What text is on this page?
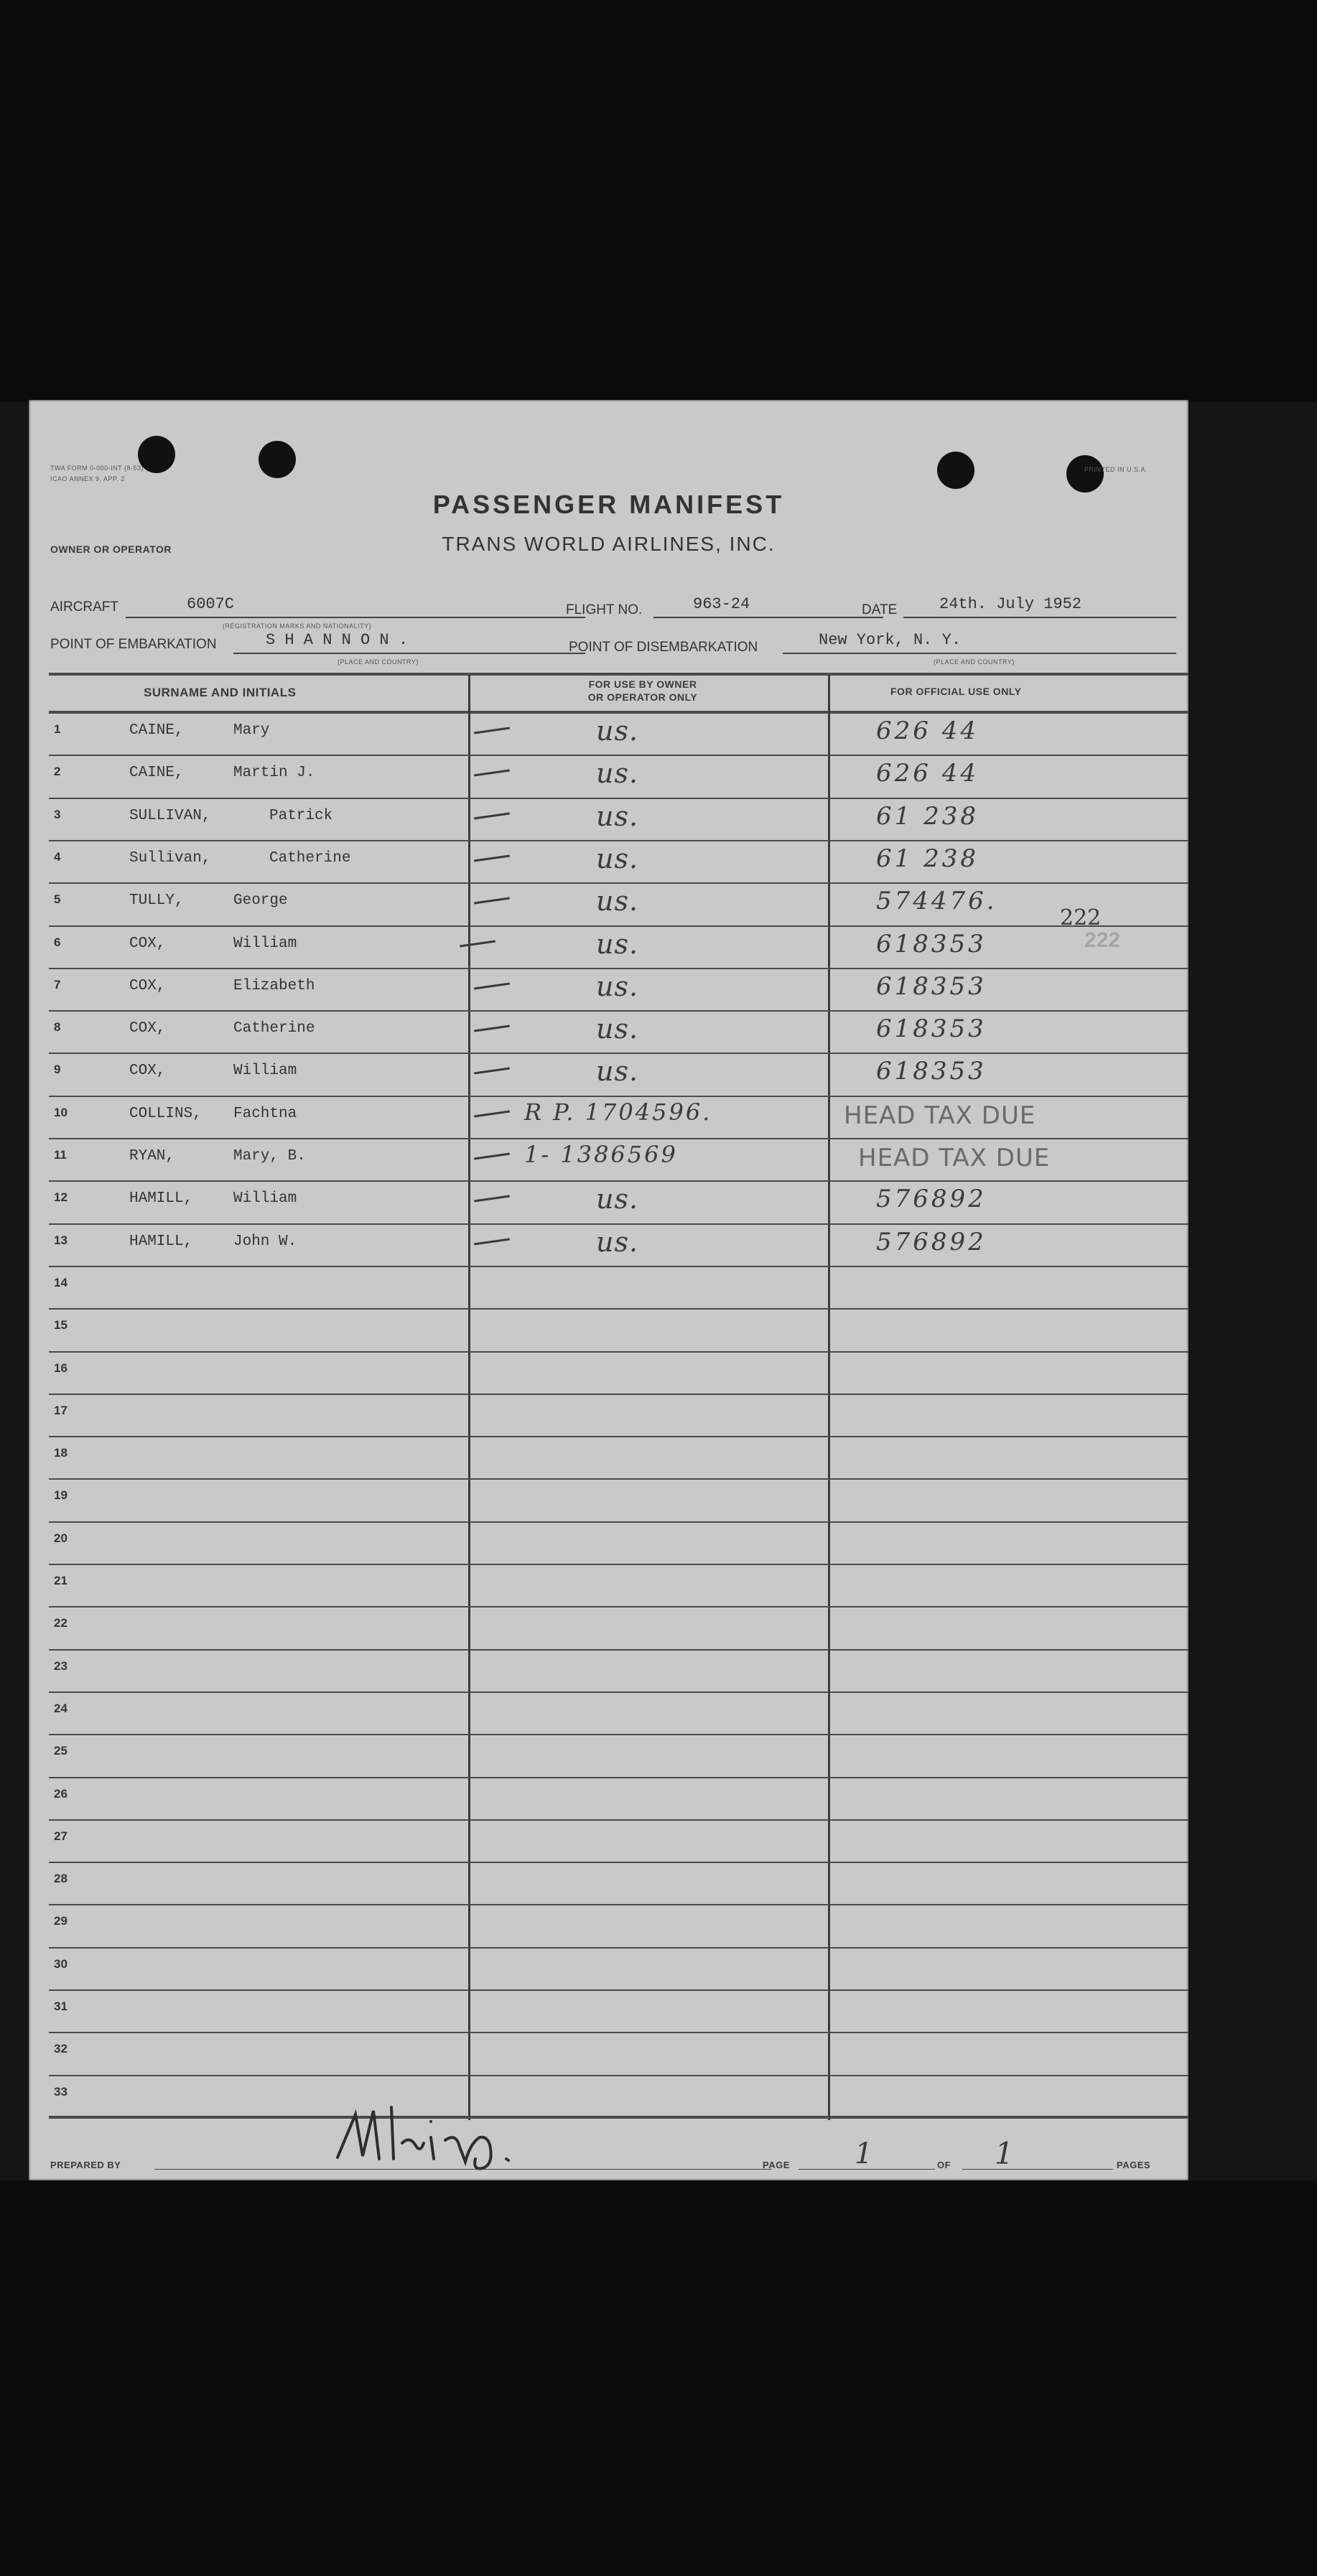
TWA FORM 0-000-INT (8-53)
ICAO ANNEX 9, APP. 2
PRINTED IN U.S.A.
PASSENGER MANIFEST
TRANS WORLD AIRLINES, INC.
OWNER OR OPERATOR
AIRCRAFT	6007C
(REGISTRATION MARKS AND NATIONALITY)
FLIGHT NO.	963-24	DATE	24th. July 1952
POINT OF EMBARKATION	S H A N N O N .
(PLACE AND COUNTRY)
POINT OF DISEMBARKATION	New York, N. Y.
(PLACE AND COUNTRY)
SURNAME AND INITIALS
FOR USE BY OWNER
OR OPERATOR ONLY	FOR OFFICIAL USE ONLY
1	CAINE,	Mary	us.	626 44
2	CAINE,	Martin J.	us.	626 44
3	SULLIVAN,	Patrick	us.	61 238
4	Sullivan,	Catherine	us.	61 238
5	TULLY,	George	us.	574476.
6	COX,	William	us.	618353
7	COX,	Elizabeth	us.	618353
8	COX,	Catherine	us.	618353
9	COX,	William	us.	618353
10	COLLINS, Fachtna	R P. 1704596.	HEAD TAX DUE
11	RYAN,	Mary, B.	1- 1386569	HEAD TAX DUE
12	HAMILL,	William	us.	576892
13	HAMILL,	John W.	us.	576892
14
15
16
17
18
19
20
21
22
23
24
25
26
27
28
29
30
31
32
33
222
222
PREPARED BY	PAGE 1	OF 1	PAGES
